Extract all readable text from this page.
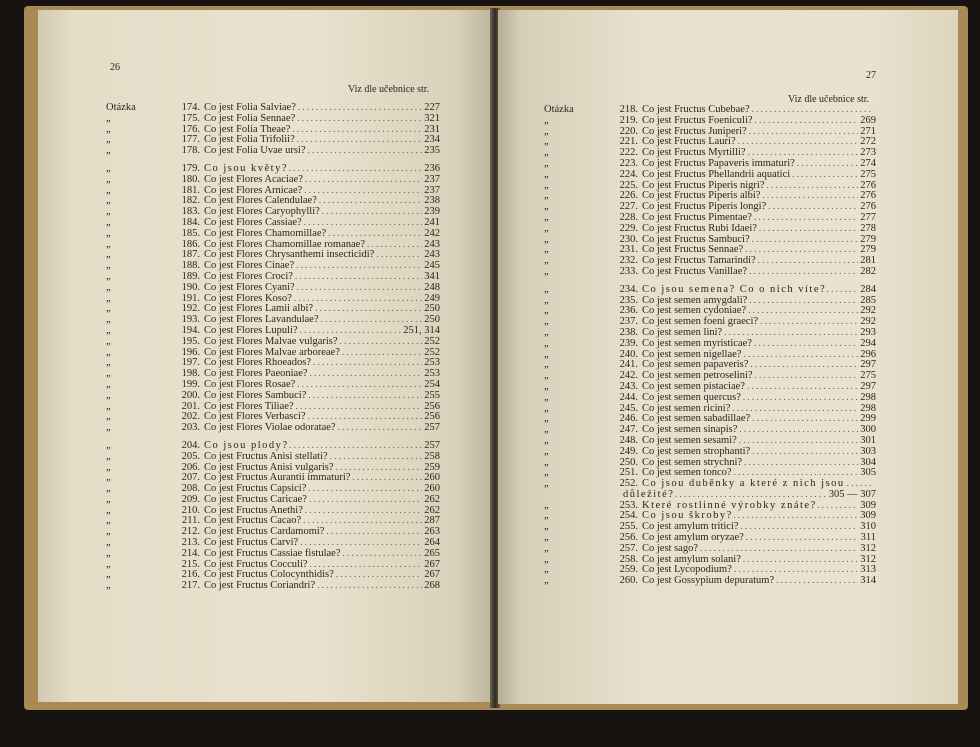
26
Viz dle učebnice str.
Otázka	174. Co jest Folia Salviae ? . . .	227
„	175. Co jest Folia Sennae ? . . .	321
„	176. Co jest Folia Theae ? . . .	231
„	177. Co jest Folia Trifolii ? . . .	234
„	178. Co jest Folia Uvae ursi ? . . .	235
„	179. Co jsou květy ? . . .	236
„	180. Co jest Flores Acaciae ? . . .	237
„	181. Co jest Flores Arnicae ? . . .	237
„	182. Co jest Flores Calendulae ? . . .	238
„	183. Co jest Flores Caryophylli ? . . .	239
„	184. Co jest Flores Cassiae ? . . .	241
„	185. Co jest Flores Chamomillae ? . . .	242
„	186. Co jest Flores Chamomillae romanae ? . . .	243
„	187. Co jest Flores Chrysanthemi insecticidi ? . . .	243
„	188. Co jest Flores Cinae ? . . .	245
„	189. Co jest Flores Croci ? . . .	341
„	190. Co jest Flores Cyani ? . . .	248
„	191. Co jest Flores Koso ? . . .	249
„	192. Co jest Flores Lamii albi ? . . .	250
„	193. Co jest Flores Lavandulae ? . . .	250
„	194. Co jest Flores Lupuli ? . . .	251, 314
„	195. Co jest Flores Malvae vulgaris ? . . .	252
„	196. Co jest Flores Malvae arboreae ? . . .	252
„	197. Co jest Flores Rhoeados ? . . .	253
„	198. Co jest Flores Paeoniae ? . . .	253
„	199. Co jest Flores Rosae ? . . .	254
„	200. Co jest Flores Sambuci ? . . .	255
„	201. Co jest Flores Tiliae ? . . .	256
„	202. Co jest Flores Verbasci ? . . .	256
„	203. Co jest Flores Violae odoratae ? . . .	257
„	204. Co jsou plody ? . . .	257
„	205. Co jest Fructus Anisi stellati ? . . .	258
„	206. Co jest Fructus Anisi vulgaris ? . . .	259
„	207. Co jest Fructus Aurantii immaturi ? . . .	260
„	208. Co jest Fructus Capsici ? . . .	260
„	209. Co jest Fructus Caricae ? . . .	262
„	210. Co jest Fructus Anethi ? . . .	262
„	211. Co jest Fructus Cacao ? . . .	287
„	212. Co jest Fructus Cardamomi ? . . .	263
„	213. Co jest Fructus Carvi ? . . .	264
„	214. Co jest Fructus Cassiae fistulae ? . . .	265
„	215. Co jest Fructus Cocculi ? . . .	267
„	216. Co jest Fructus Colocynthidis ? . . .	267
„	217. Co jest Fructus Coriandri ? . . .	268
27
Viz dle učebnice str.
Otázka	218. Co jest Fructus Cubebae ?
. . .
„	219. Co jest Fructus Foeniculi ? . . .	269
„	220. Co jest Fructus Juniperi ? . . .	271
„	221. Co jest Fructus Lauri ? . . .	272
„	222. Co jest Fructus Myrtilli ? . . .	273
„	223. Co jest Fructus Papaveris immaturi ? . . .	274
„	224. Co jest Fructus Phellandrii aquatici . . .	275
„	225. Co jest Fructus Piperis nigri ? . . .	276
„	226. Co jest Fructus Piperis albi ? . . .	276
„	227. Co jest Fructus Piperis longi ? . . .	276
„	228. Co jest Fructus Pimentae ? . . .	277
„	229. Co jest Fructus Rubi Idaei ? . . .	278
„	230. Co jest Fructus Sambuci ? . . .	279
„	231. Co jest Fructus Sennae ? . . .	279
„	232. Co jest Fructus Tamarindi ? . . .	281
„	233. Co jest Fructus Vanillae ? . . .	282
„	234. Co jsou semena? Co o nich víte ? . . .	284
„	235. Co jest semen amygdali ? . . .	285
„	236. Co jest semen cydoniae ? . . .	292
„	237. Co jest semen foeni graeci ? . . .	292
„	238. Co jest semen lini ? . . .	293
„	239. Co jest semen myristicae ? . . .	294
„	240. Co jest semen nigellae ? . . .	296
„	241. Co jest semen papaveris ? . . .	297
„	242. Co jest semen petroselini ? . . .	275
„	243. Co jest semen pistaciae ? . . .	297
„	244. Co jest semen quercus ? . . .	298
„	245. Co jest semen ricini ? . . .	298
„	246. Co jest semen sabadillae ? . . .	299
„	247. Co jest semen sinapis ? . . .	300
„	248. Co jest semen sesami ? . . .	301
„	249. Co jest semen strophanti ? . . .	303
„	250. Co jest semen strychni ? . . .	304
„	251. Co jest semen tonco ? . . .	305
„	252. Co jsou duběnky a které z nich jsou
. . .
důležité ? . . .	305 — 307
„	253. Které rostlinné výrobky znáte ? . . .	309
„	254. Co jsou škroby ? . . .	309
„	255. Co jest amylum tritici ? . . .	310
„	256. Co jest amylum oryzae ? . . .	311
„	257. Co jest sago ? . . .	312
„	258. Co jest amylum solani ? . . .	312
„	259. Co jest Lycopodium ? . . .	313
„	260. Co jest Gossypium depuratum ? . . .	314
